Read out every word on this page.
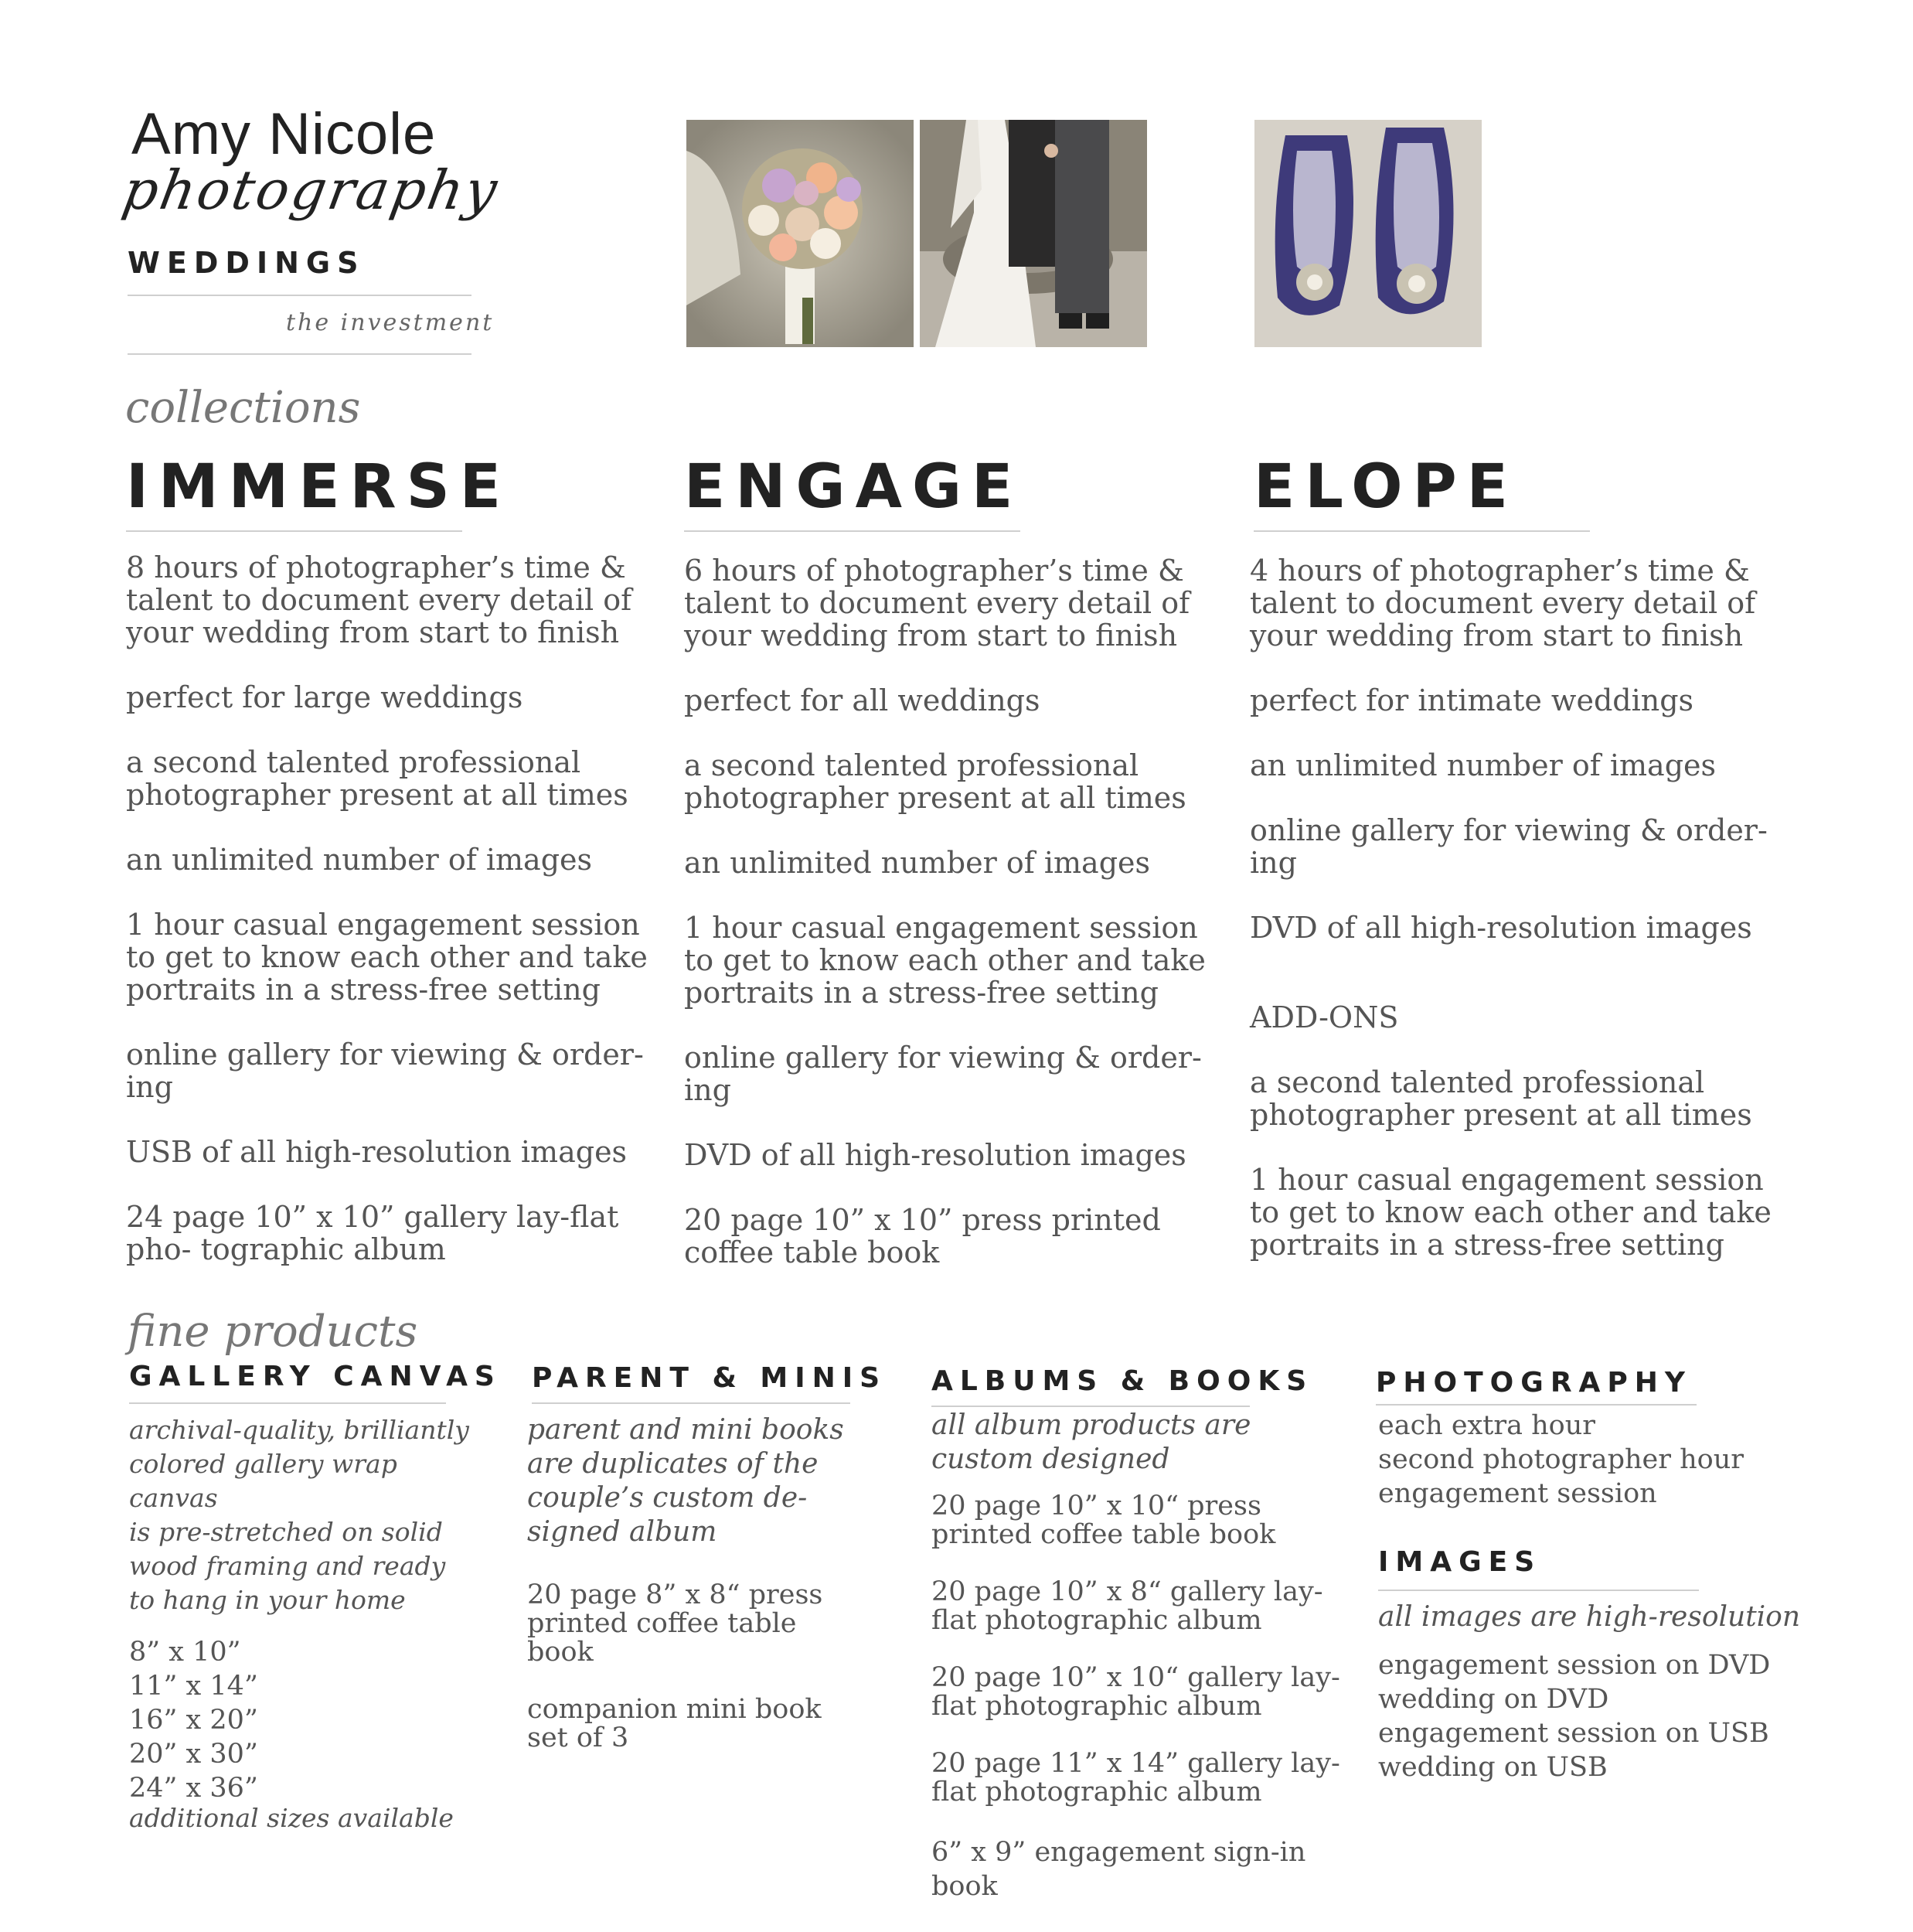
Amy Nicole
photography
WEDDINGS
the investment
collections
IMMERSE

8 hours of photographer’s time & talent to document every detail of your wedding from start to finish

perfect for large weddings

a second talented professional photographer present at all times

an unlimited number of images

1 hour casual engagement session to get to know each other and take portraits in a stress-free setting

online gallery for viewing & order- ing

USB of all high-resolution images

24 page 10” x 10” gallery lay-flat pho- tographic album

ENGAGE

6 hours of photographer’s time & talent to document every detail of your wedding from start to finish

perfect for all weddings

a second talented professional photographer present at all times

an unlimited number of images

1 hour casual engagement session to get to know each other and take portraits in a stress-free setting

online gallery for viewing & order- ing

DVD of all high-resolution images

20 page 10” x 10” press printed coffee table book

ELOPE

4 hours of photographer’s time & talent to document every detail of your wedding from start to finish

perfect for intimate weddings

an unlimited number of images

online gallery for viewing & order- ing

DVD of all high-resolution images

ADD-ONS

a second talented professional photographer present at all times

1 hour casual engagement session to get to know each other and take portraits in a stress-free setting

fine products
GALLERY CANVAS

archival-quality, brilliantly

colored gallery wrap

canvas

is pre-stretched on solid

wood framing and ready

to hang in your home

8” x 10”

11” x 14”

16” x 20”

20” x 30”

24” x 36”

additional sizes available
PARENT & MINIS

parent and mini books

are duplicates of the

couple’s custom de-

signed album

20 page 8” x 8“ press printed coffee table book

companion mini book set of 3

ALBUMS & BOOKS

all album products are

custom designed

20 page 10” x 10“ press printed coffee table book

20 page 10” x 8“ gallery lay-flat photographic album

20 page 10” x 10“ gallery lay- flat photographic album

20 page 11” x 14” gallery lay- flat photographic album

6” x 9” engagement sign-in book

PHOTOGRAPHY

each extra hour

second photographer hour

engagement session

IMAGES
all images are high-resolution

engagement session on DVD

wedding on DVD

engagement session on USB

wedding on USB
